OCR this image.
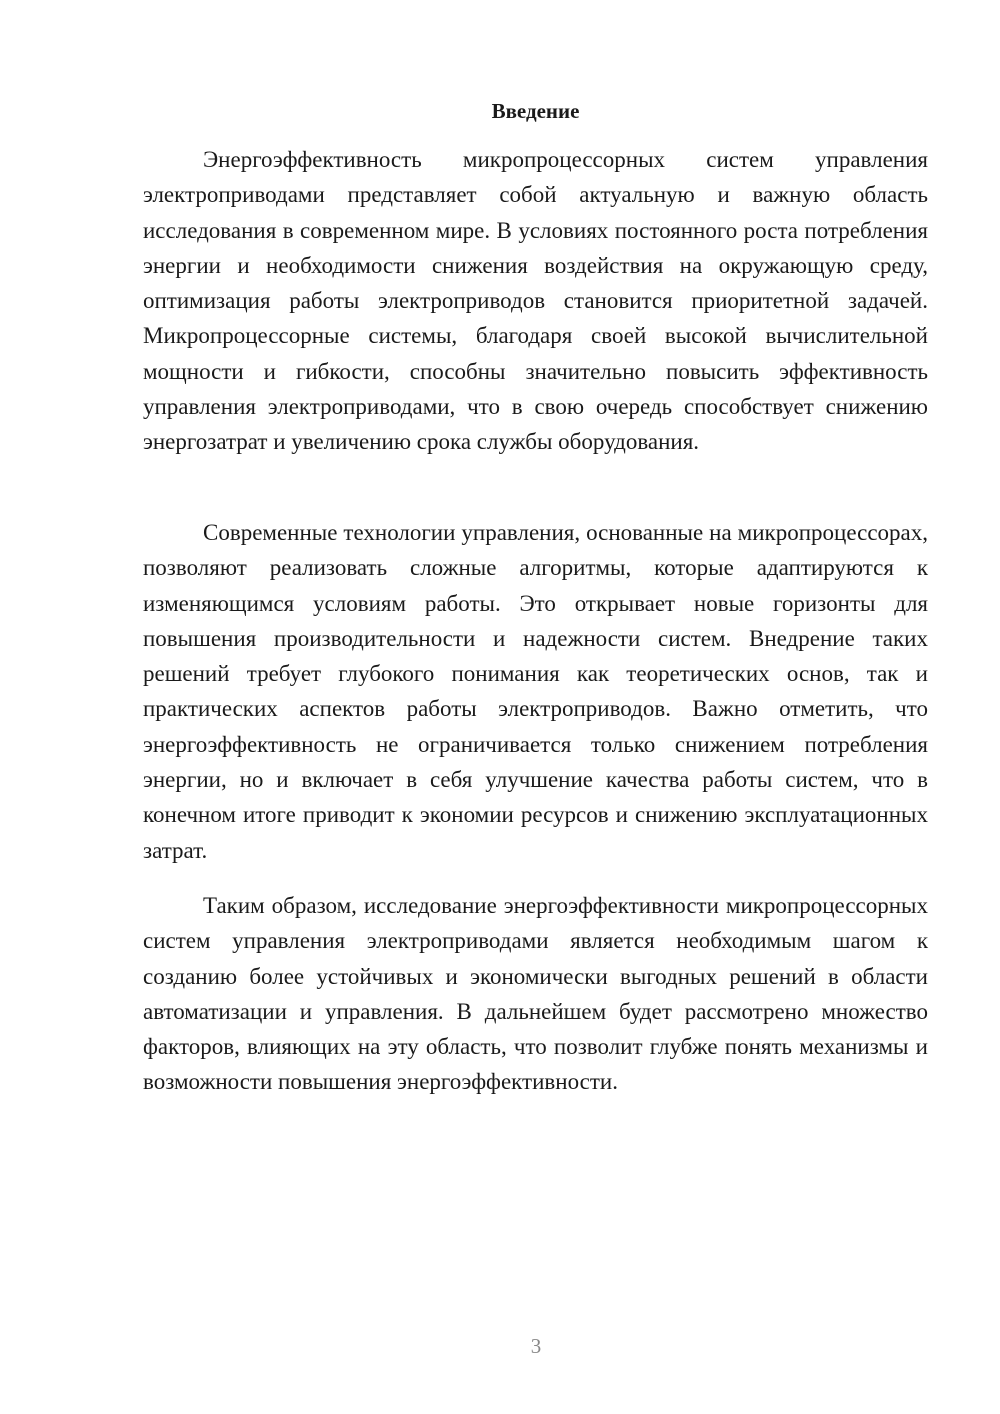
Введение

Энергоэффективность микропроцессорных систем управления электроприводами представляет собой актуальную и важную область исследования в современном мире. В условиях постоянного роста потребления энергии и необходимости снижения воздействия на окружающую среду, оптимизация работы электроприводов становится приоритетной задачей. Микропроцессорные системы, благодаря своей высокой вычислительной мощности и гибкости, способны значительно повысить эффективность управления электроприводами, что в свою очередь способствует снижению энергозатрат и увеличению срока службы оборудования.

Современные технологии управления, основанные на микропроцессорах, позволяют реализовать сложные алгоритмы, которые адаптируются к изменяющимся условиям работы. Это открывает новые горизонты для повышения производительности и надежности систем. Внедрение таких решений требует глубокого понимания как теоретических основ, так и практических аспектов работы электроприводов. Важно отметить, что энергоэффективность не ограничивается только снижением потребления энергии, но и включает в себя улучшение качества работы систем, что в конечном итоге приводит к экономии ресурсов и снижению эксплуатационных затрат.

Таким образом, исследование энергоэффективности микропроцессорных систем управления электроприводами является необходимым шагом к созданию более устойчивых и экономически выгодных решений в области автоматизации и управления. В дальнейшем будет рассмотрено множество факторов, влияющих на эту область, что позволит глубже понять механизмы и возможности повышения энергоэффективности.

3
